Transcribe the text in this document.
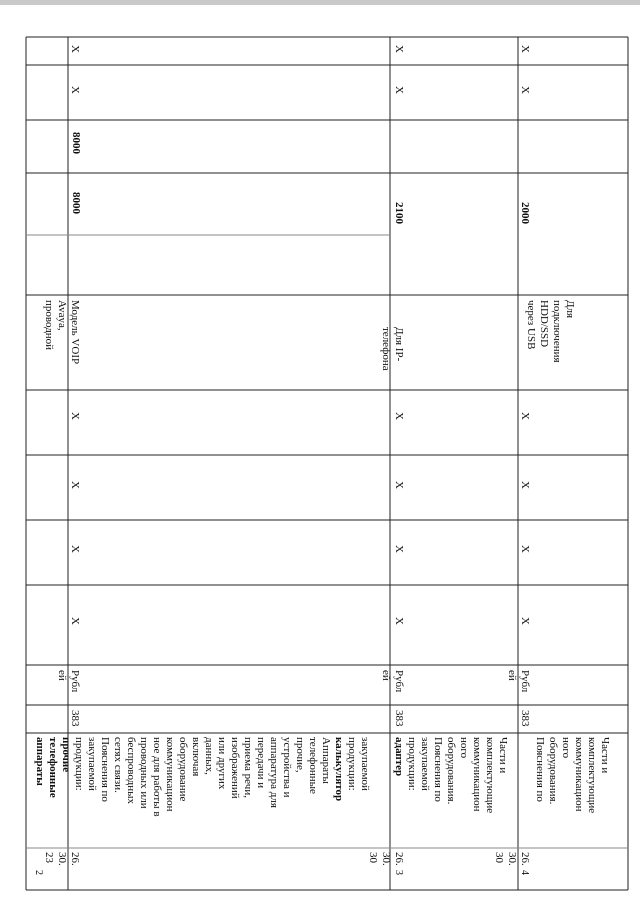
X
X
8000
8000
Модель VOIP
Avaya,
проводной
X
X
X
X
Рубл
ей
383
закупаемой
продукции:
калькулятор
Аппараты
телефонные
прочие,
устройства и
аппаратура для
передачи и
приема речи,
изображений
или других
данных,
включая
оборудование
коммуникацион
ное для работы в
проводных или
беспроводных
сетях связи.
Пояснения по
закупаемой
продукции:
прочие
телефонные
аппараты
26.
30.
23
X
X
2100
Для IP-
телефона
X
X
X
X
Рубл
ей
383
Части и
комплектующие
коммуникацион
ного
оборудования.
Пояснения по
закупаемой
продукции:
адаптер
26.
30.
30
3
X
X
2000
Для
подключения
HDD/SSD
через USB
X
X
X
X
Рубл
ей
383
Части и
комплектующие
коммуникацион
ного
оборудования.
Пояснения по
26.
30.
30
4
2
